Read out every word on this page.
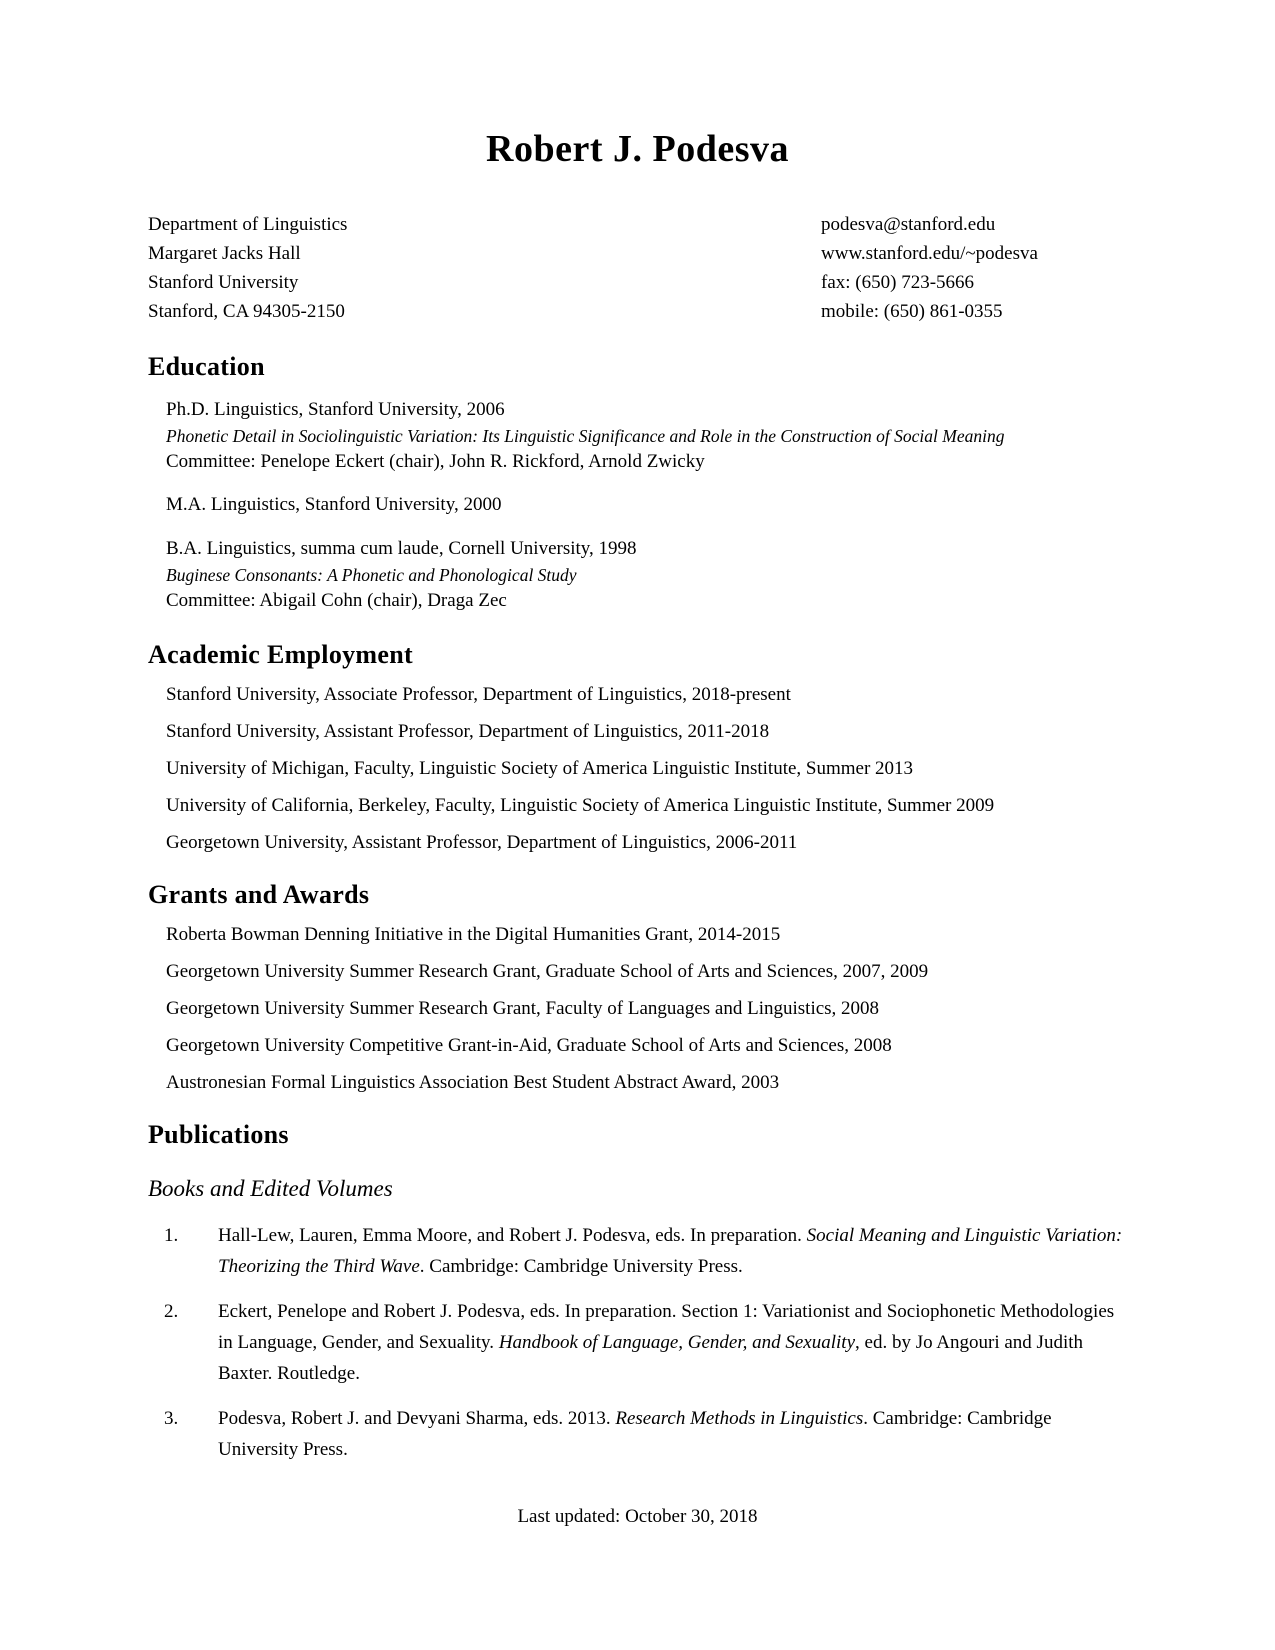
Robert J. Podesva
Department of Linguistics
Margaret Jacks Hall
Stanford University
Stanford, CA 94305-2150
podesva@stanford.edu
www.stanford.edu/~podesva
fax: (650) 723-5666
mobile: (650) 861-0355
Education
Ph.D. Linguistics, Stanford University, 2006
Phonetic Detail in Sociolinguistic Variation: Its Linguistic Significance and Role in the Construction of Social Meaning
Committee: Penelope Eckert (chair), John R. Rickford, Arnold Zwicky
M.A. Linguistics, Stanford University, 2000
B.A. Linguistics, summa cum laude, Cornell University, 1998
Buginese Consonants: A Phonetic and Phonological Study
Committee: Abigail Cohn (chair), Draga Zec
Academic Employment
Stanford University, Associate Professor, Department of Linguistics, 2018-present
Stanford University, Assistant Professor, Department of Linguistics, 2011-2018
University of Michigan, Faculty, Linguistic Society of America Linguistic Institute, Summer 2013
University of California, Berkeley, Faculty, Linguistic Society of America Linguistic Institute, Summer 2009
Georgetown University, Assistant Professor, Department of Linguistics, 2006-2011
Grants and Awards
Roberta Bowman Denning Initiative in the Digital Humanities Grant, 2014-2015
Georgetown University Summer Research Grant, Graduate School of Arts and Sciences, 2007, 2009
Georgetown University Summer Research Grant, Faculty of Languages and Linguistics, 2008
Georgetown University Competitive Grant-in-Aid, Graduate School of Arts and Sciences, 2008
Austronesian Formal Linguistics Association Best Student Abstract Award, 2003
Publications
Books and Edited Volumes
1.	Hall-Lew, Lauren, Emma Moore, and Robert J. Podesva, eds. In preparation. Social Meaning and Linguistic Variation: Theorizing the Third Wave. Cambridge: Cambridge University Press.
2.	Eckert, Penelope and Robert J. Podesva, eds. In preparation. Section 1: Variationist and Sociophonetic Methodologies in Language, Gender, and Sexuality. Handbook of Language, Gender, and Sexuality, ed. by Jo Angouri and Judith Baxter. Routledge.
3.	Podesva, Robert J. and Devyani Sharma, eds. 2013. Research Methods in Linguistics. Cambridge: Cambridge University Press.
Last updated: October 30, 2018
